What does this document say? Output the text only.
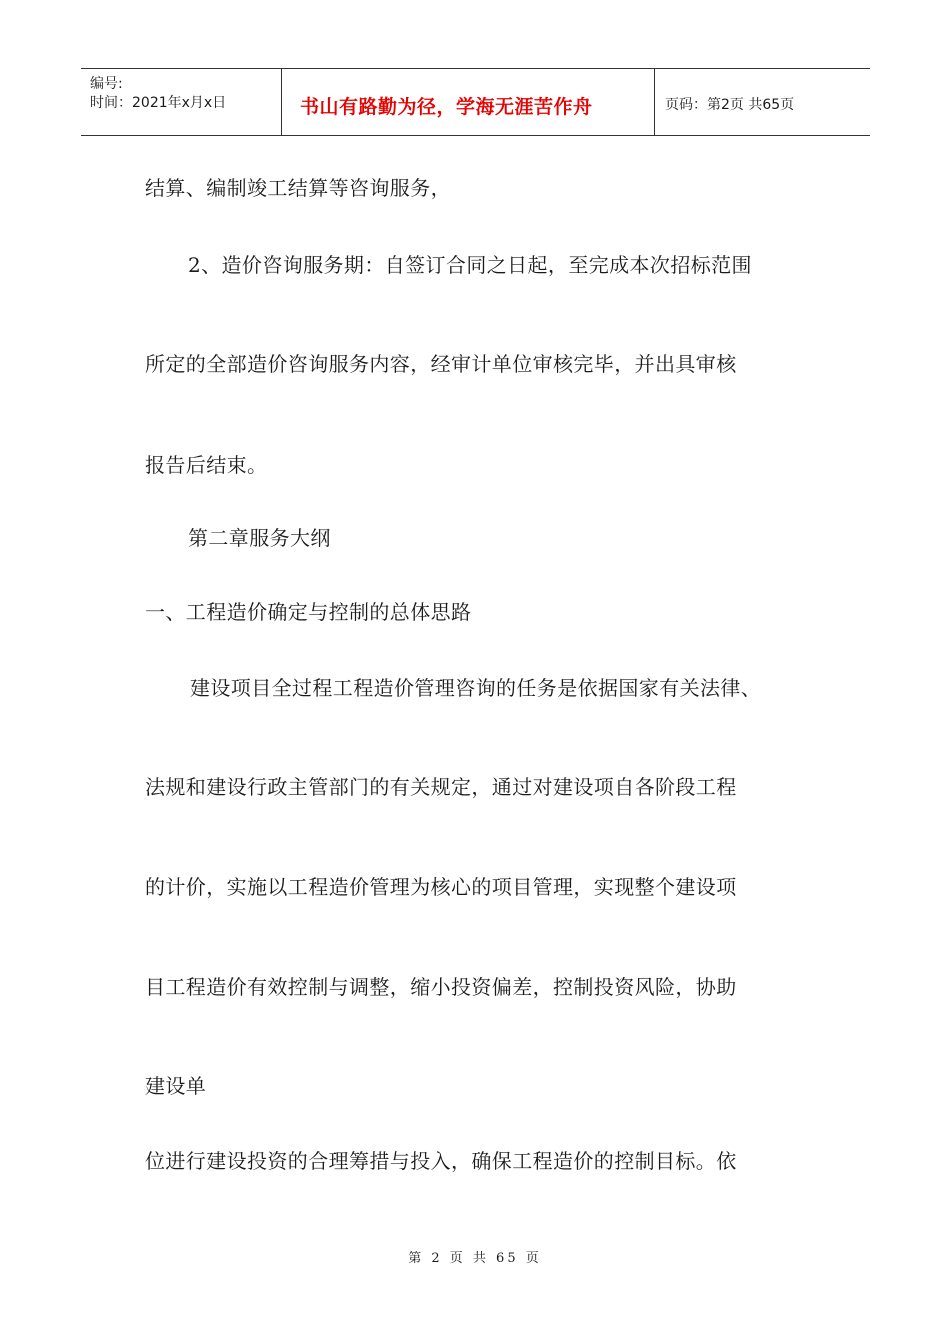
编号:
时间：2021年x月x日	书山有路勤为径，学海无涯苦作舟	页码：第2页 共65页
结算、编制竣工结算等咨询服务，
2、造价咨询服务期：自签订合同之日起，至完成本次招标范围
所定的全部造价咨询服务内容，经审计单位审核完毕，并出具审核
报告后结束。
第二章服务大纲
一、工程造价确定与控制的总体思路
建设项目全过程工程造价管理咨询的任务是依据国家有关法律、
法规和建设行政主管部门的有关规定，通过对建设项自各阶段工程
的计价，实施以工程造价管理为核心的项目管理，实现整个建设项
目工程造价有效控制与调整，缩小投资偏差，控制投资风险，协助
建设单
位进行建设投资的合理筹措与投入，确保工程造价的控制目标。依
第 2 页 共 65 页
